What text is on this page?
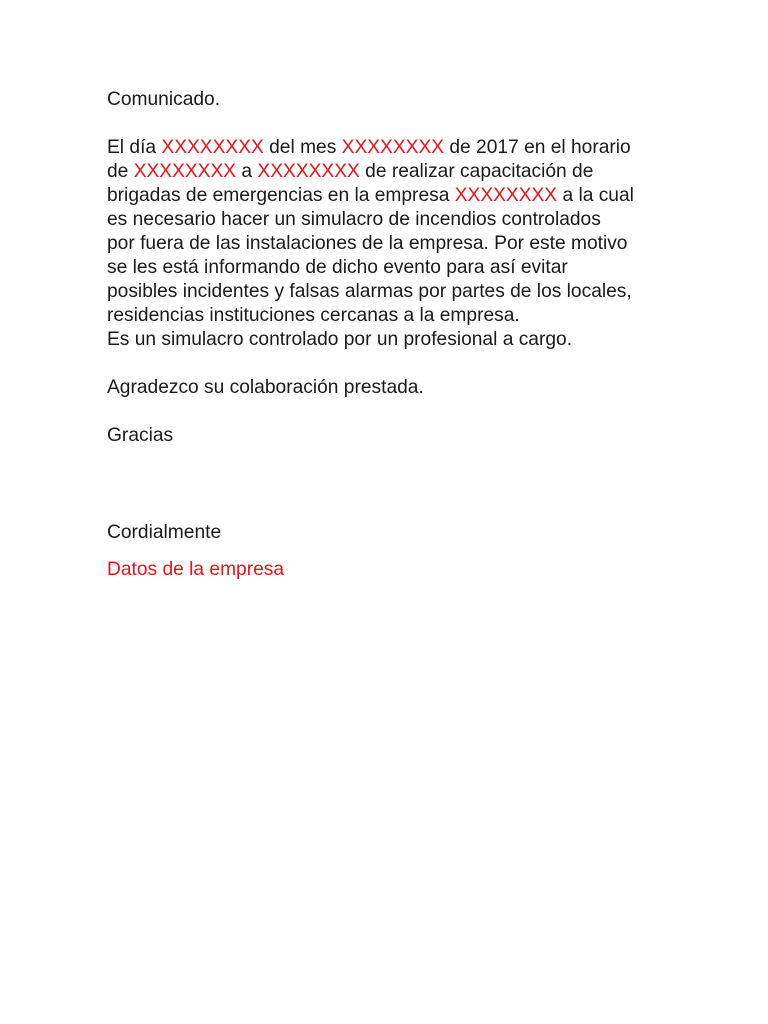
Comunicado.
El día XXXXXXXX del mes XXXXXXXX de 2017 en el horario
de XXXXXXXX a XXXXXXXX de realizar capacitación de
brigadas de emergencias en la empresa XXXXXXXX a la cual
es necesario hacer un simulacro de incendios controlados
por fuera de las instalaciones de la empresa. Por este motivo
se les está informando de dicho evento para así evitar
posibles incidentes y falsas alarmas por partes de los locales,
residencias instituciones cercanas a la empresa.
Es un simulacro controlado por un profesional a cargo.
Agradezco su colaboración prestada.
Gracias
Cordialmente
Datos de la empresa
